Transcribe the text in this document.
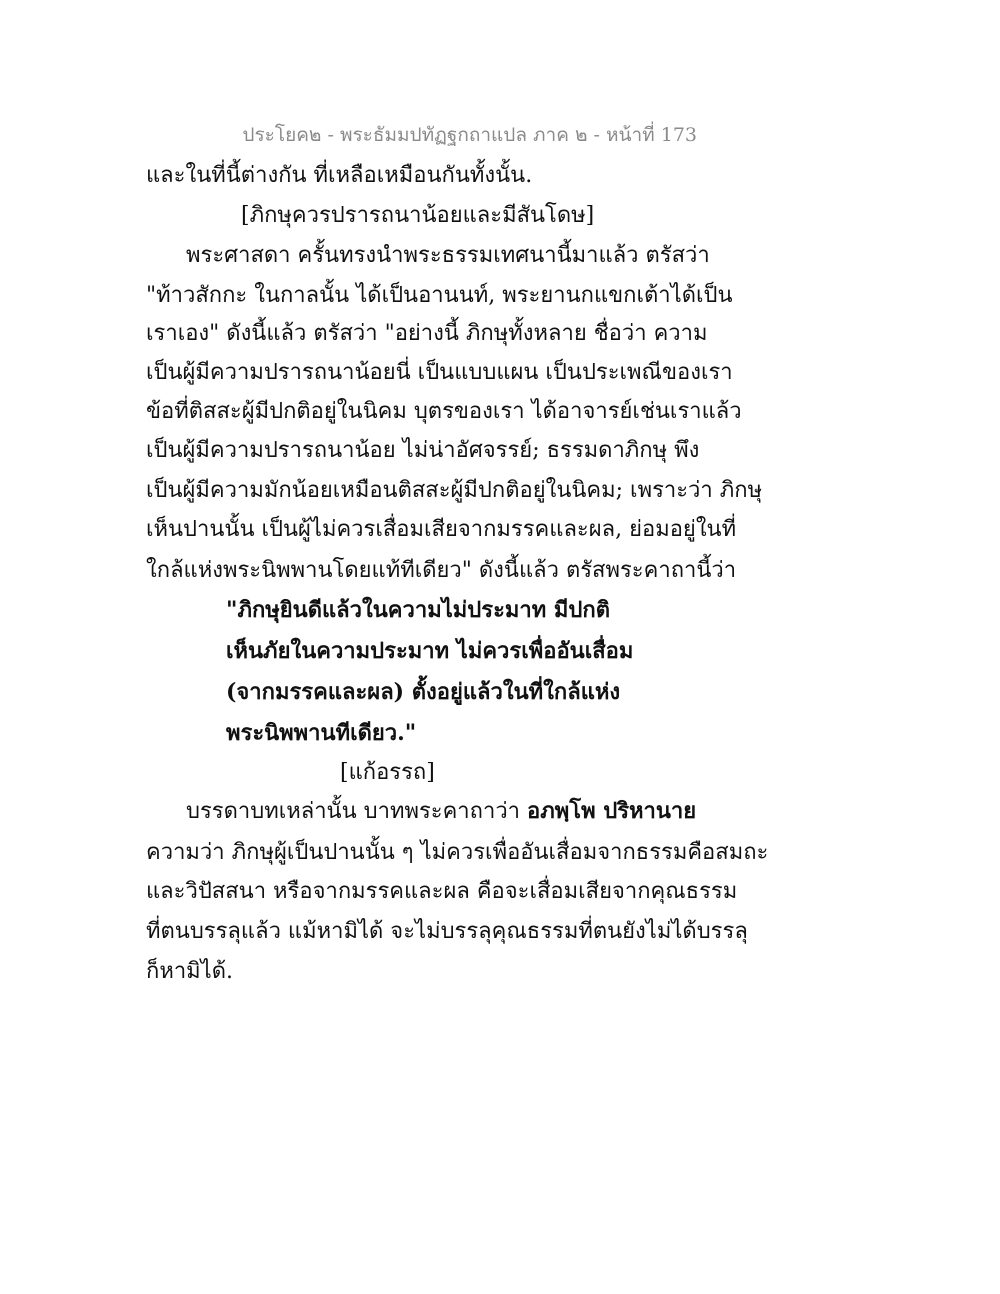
ประโยค๒ - พระธัมมปทัฏฐกถาแปล ภาค ๒ - หน้าที่ 173
และในที่นี้ต่างกัน ที่เหลือเหมือนกันทั้งนั้น.
[ภิกษุควรปรารถนาน้อยและมีสันโดษ]
พระศาสดา ครั้นทรงนำพระธรรมเทศนานี้มาแล้ว ตรัสว่า
"ท้าวสักกะ ในกาลนั้น ได้เป็นอานนท์, พระยานกแขกเต้าได้เป็น
เราเอง" ดังนี้แล้ว ตรัสว่า "อย่างนี้ ภิกษุทั้งหลาย ชื่อว่า ความ
เป็นผู้มีความปรารถนาน้อยนี่ เป็นแบบแผน เป็นประเพณีของเรา
ข้อที่ติสสะผู้มีปกติอยู่ในนิคม บุตรของเรา ได้อาจารย์เช่นเราแล้ว
เป็นผู้มีความปรารถนาน้อย ไม่น่าอัศจรรย์; ธรรมดาภิกษุ พึง
เป็นผู้มีความมักน้อยเหมือนติสสะผู้มีปกติอยู่ในนิคม; เพราะว่า ภิกษุ
เห็นปานนั้น เป็นผู้ไม่ควรเสื่อมเสียจากมรรคและผล, ย่อมอยู่ในที่
ใกล้แห่งพระนิพพานโดยแท้ทีเดียว" ดังนี้แล้ว ตรัสพระคาถานี้ว่า
"ภิกษุยินดีแล้วในความไม่ประมาท มีปกติ
เห็นภัยในความประมาท ไม่ควรเพื่ออันเสื่อม
(จากมรรคและผล) ตั้งอยู่แล้วในที่ใกล้แห่ง
พระนิพพานทีเดียว."
[แก้อรรถ]
บรรดาบทเหล่านั้น บาทพระคาถาว่า อภพฺโพ ปริหานาย
ความว่า ภิกษุผู้เป็นปานนั้น ๆ ไม่ควรเพื่ออันเสื่อมจากธรรมคือสมถะ
และวิปัสสนา หรือจากมรรคและผล คือจะเสื่อมเสียจากคุณธรรม
ที่ตนบรรลุแล้ว แม้หามิได้ จะไม่บรรลุคุณธรรมที่ตนยังไม่ได้บรรลุ
ก็หามิได้.
